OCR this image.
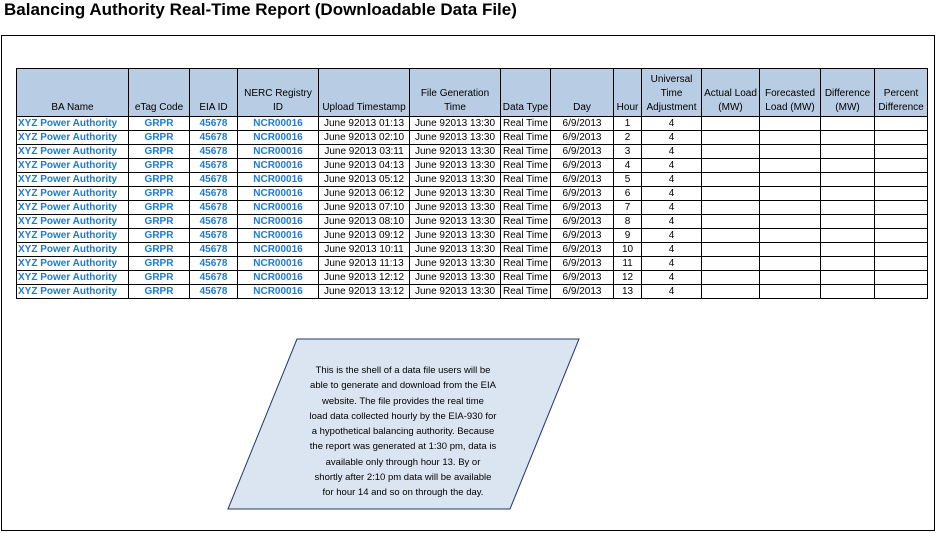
Balancing Authority Real-Time Report (Downloadable Data File)
BA Name	eTag Code	EIA ID	NERC Registry ID	Upload Timestamp	File Generation Time	Data Type	Day	Hour	Universal Time Adjustment	Actual Load (MW)	Forecasted Load (MW)	Difference (MW)	Percent Difference
XYZ Power Authority	GRPR	45678	NCR00016	June 92013 01:13	June 92013 13:30	Real Time	6/9/2013	1	4				
XYZ Power Authority	GRPR	45678	NCR00016	June 92013 02:10	June 92013 13:30	Real Time	6/9/2013	2	4				
XYZ Power Authority	GRPR	45678	NCR00016	June 92013 03:11	June 92013 13:30	Real Time	6/9/2013	3	4				
XYZ Power Authority	GRPR	45678	NCR00016	June 92013 04:13	June 92013 13:30	Real Time	6/9/2013	4	4				
XYZ Power Authority	GRPR	45678	NCR00016	June 92013 05:12	June 92013 13:30	Real Time	6/9/2013	5	4				
XYZ Power Authority	GRPR	45678	NCR00016	June 92013 06:12	June 92013 13:30	Real Time	6/9/2013	6	4				
XYZ Power Authority	GRPR	45678	NCR00016	June 92013 07:10	June 92013 13:30	Real Time	6/9/2013	7	4				
XYZ Power Authority	GRPR	45678	NCR00016	June 92013 08:10	June 92013 13:30	Real Time	6/9/2013	8	4				
XYZ Power Authority	GRPR	45678	NCR00016	June 92013 09:12	June 92013 13:30	Real Time	6/9/2013	9	4				
XYZ Power Authority	GRPR	45678	NCR00016	June 92013 10:11	June 92013 13:30	Real Time	6/9/2013	10	4				
XYZ Power Authority	GRPR	45678	NCR00016	June 92013 11:13	June 92013 13:30	Real Time	6/9/2013	11	4				
XYZ Power Authority	GRPR	45678	NCR00016	June 92013 12:12	June 92013 13:30	Real Time	6/9/2013	12	4				
XYZ Power Authority	GRPR	45678	NCR00016	June 92013 13:12	June 92013 13:30	Real Time	6/9/2013	13	4				
This is the shell of a data file users will be
able to generate and download from the EIA
website. The file provides the real time
load data collected hourly by the EIA-930 for
a hypothetical balancing authority. Because
the report was generated at 1:30 pm, data is
available only through hour 13. By or
shortly after 2:10 pm data will be available
for hour 14 and so on through the day.
